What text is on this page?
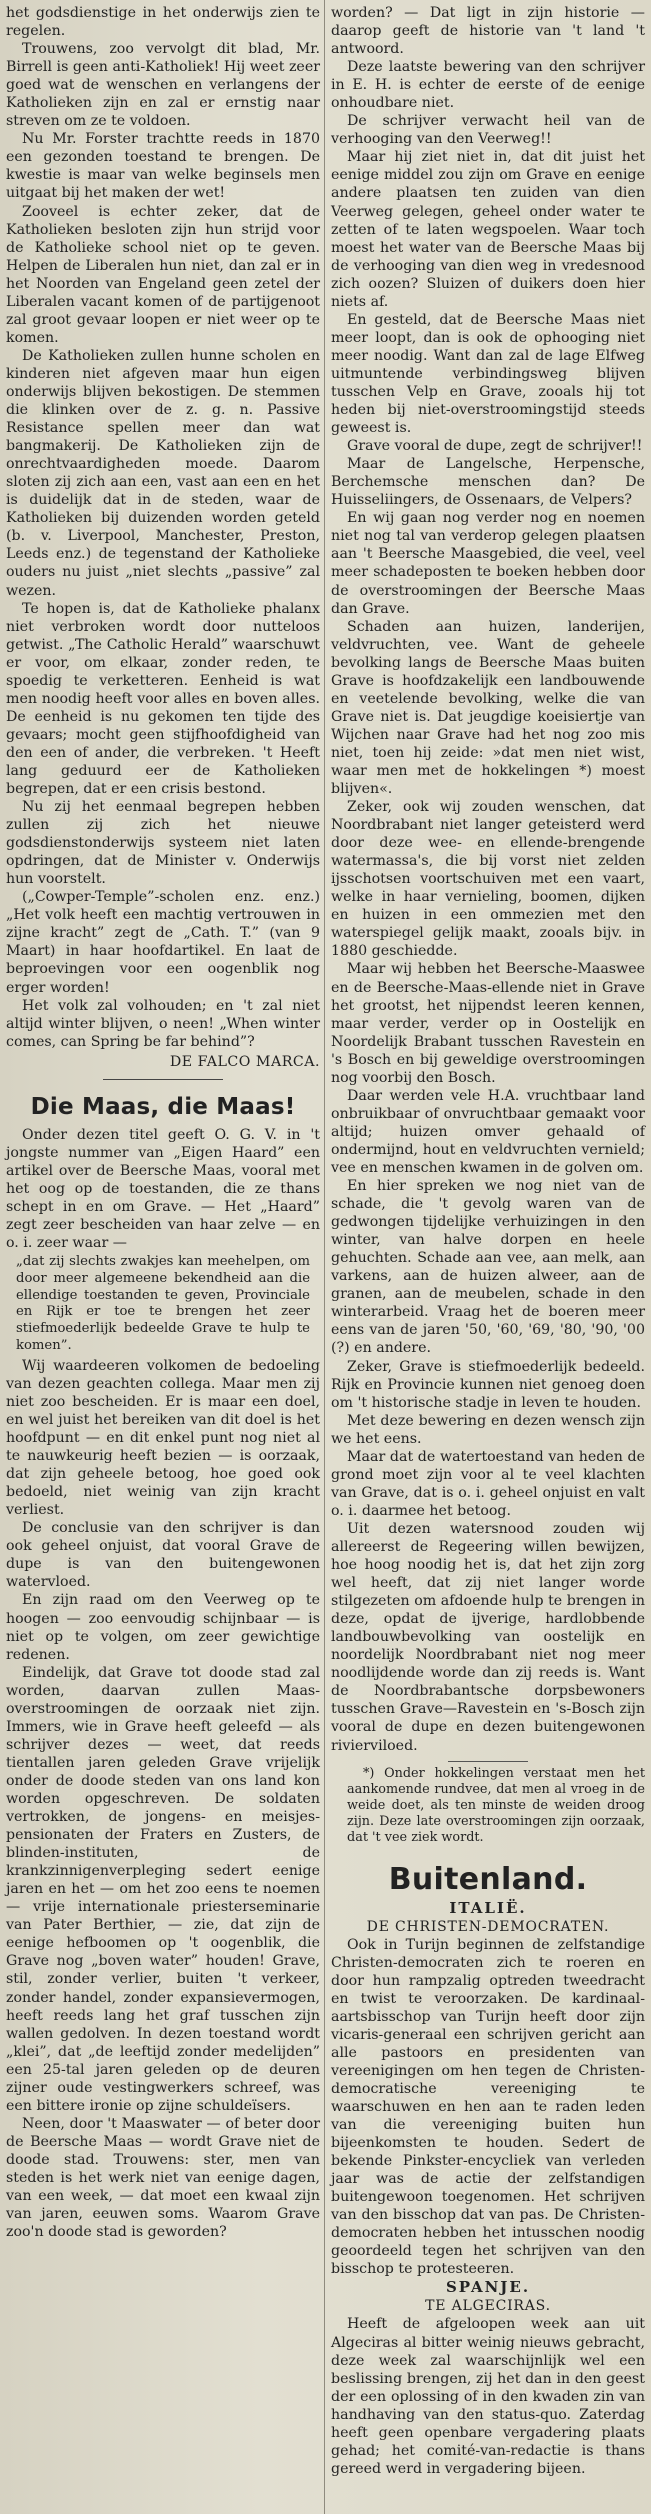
het godsdienstige in het onderwijs zien te regelen.

Trouwens, zoo vervolgt dit blad, Mr. Birrell is geen anti-Katholiek! Hij weet zeer goed wat de wenschen en verlangens der Katholieken zijn en zal er ernstig naar streven om ze te voldoen.

Nu Mr. Forster trachtte reeds in 1870 een gezonden toestand te brengen. De kwestie is maar van welke beginsels men uitgaat bij het maken der wet!

Zooveel is echter zeker, dat de Katholieken besloten zijn hun strijd voor de Katholieke school niet op te geven. Helpen de Liberalen hun niet, dan zal er in het Noorden van Engeland geen zetel der Liberalen vacant komen of de partijgenoot zal groot gevaar loopen er niet weer op te komen.

De Katholieken zullen hunne scholen en kinderen niet afgeven maar hun eigen onderwijs blijven bekostigen. De stemmen die klinken over de z. g. n. Passive Resistance spellen meer dan wat bangmakerij. De Katholieken zijn de onrechtvaardigheden moede. Daarom sloten zij zich aan een, vast aan een en het is duidelijk dat in de steden, waar de Katholieken bij duizenden worden geteld (b. v. Liverpool, Manchester, Preston, Leeds enz.) de tegenstand der Katholieke ouders nu juist „niet slechts „passive” zal wezen.

Te hopen is, dat de Katholieke phalanx niet verbroken wordt door nutteloos getwist. „The Catholic Herald” waarschuwt er voor, om elkaar, zonder reden, te spoedig te verketteren. Eenheid is wat men noodig heeft voor alles en boven alles. De eenheid is nu gekomen ten tijde des gevaars; mocht geen stijfhoofdigheid van den een of ander, die verbreken. 't Heeft lang geduurd eer de Katholieken begrepen, dat er een crisis bestond.

Nu zij het eenmaal begrepen hebben zullen zij zich het nieuwe godsdienstonderwijs systeem niet laten opdringen, dat de Minister v. Onderwijs hun voorstelt.

(„Cowper-Temple”-scholen enz. enz.) „Het volk heeft een machtig vertrouwen in zijne kracht” zegt de „Cath. T.” (van 9 Maart) in haar hoofdartikel. En laat de beproevingen voor een oogenblik nog erger worden!

Het volk zal volhouden; en 't zal niet altijd winter blijven, o neen! „When winter comes, can Spring be far behind”?

DE FALCO MARCA.
Die Maas, die Maas!

Onder dezen titel geeft O. G. V. in 't jongste nummer van „Eigen Haard” een artikel over de Beersche Maas, vooral met het oog op de toestanden, die ze thans schept in en om Grave. — Het „Haard” zegt zeer bescheiden van haar zelve — en o. i. zeer waar —

„dat zij slechts zwakjes kan meehelpen, om door meer algemeene bekendheid aan die ellendige toestanden te geven, Provinciale en Rijk er toe te brengen het zeer stiefmoederlijk bedeelde Grave te hulp te komen”.

Wij waardeeren volkomen de bedoeling van dezen geachten collega. Maar men zij niet zoo bescheiden. Er is maar een doel, en wel juist het bereiken van dit doel is het hoofdpunt — en dit enkel punt nog niet al te nauwkeurig heeft bezien — is oorzaak, dat zijn geheele betoog, hoe goed ook bedoeld, niet weinig van zijn kracht verliest.

De conclusie van den schrijver is dan ook geheel onjuist, dat vooral Grave de dupe is van den buitengewonen watervloed.

En zijn raad om den Veerweg op te hoogen — zoo eenvoudig schijnbaar — is niet op te volgen, om zeer gewichtige redenen.

Eindelijk, dat Grave tot doode stad zal worden, daarvan zullen Maas-overstroomingen de oorzaak niet zijn. Immers, wie in Grave heeft geleefd — als schrijver dezes — weet, dat reeds tientallen jaren geleden Grave vrijelijk onder de doode steden van ons land kon worden opgeschreven. De soldaten vertrokken, de jongens- en meisjes-pensionaten der Fraters en Zusters, de blinden-instituten, de krankzinnigenverpleging sedert eenige jaren en het — om het zoo eens te noemen — vrije internationale priesterseminarie van Pater Berthier, — zie, dat zijn de eenige hefboomen op 't oogenblik, die Grave nog „boven water” houden! Grave, stil, zonder verlier, buiten 't verkeer, zonder handel, zonder expansievermogen, heeft reeds lang het graf tusschen zijn wallen gedolven. In dezen toestand wordt „klei”, dat „de leeftijd zonder medelijden” een 25-tal jaren geleden op de deuren zijner oude vestingwerkers schreef, was een bittere ironie op zijne schuldeïsers.

Neen, door 't Maaswater — of beter door de Beersche Maas — wordt Grave niet de doode stad. Trouwens: ster, men van steden is het werk niet van eenige dagen, van een week, — dat moet een kwaal zijn van jaren, eeuwen soms. Waarom Grave zoo'n doode stad is geworden?

worden? — Dat ligt in zijn historie — daarop geeft de historie van 't land 't antwoord.

Deze laatste bewering van den schrijver in E. H. is echter de eerste of de eenige onhoudbare niet.

De schrijver verwacht heil van de verhooging van den Veerweg!!

Maar hij ziet niet in, dat dit juist het eenige middel zou zijn om Grave en eenige andere plaatsen ten zuiden van dien Veerweg gelegen, geheel onder water te zetten of te laten wegspoelen. Waar toch moest het water van de Beersche Maas bij de verhooging van dien weg in vredesnood zich oozen? Sluizen of duikers doen hier niets af.

En gesteld, dat de Beersche Maas niet meer loopt, dan is ook de ophooging niet meer noodig. Want dan zal de lage Elfweg uitmuntende verbindingsweg blijven tusschen Velp en Grave, zooals hij tot heden bij niet-overstroomingstijd steeds geweest is.

Grave vooral de dupe, zegt de schrijver!!

Maar de Langelsche, Herpensche, Berchemsche menschen dan? De Huisseliingers, de Ossenaars, de Velpers?

En wij gaan nog verder nog en noemen niet nog tal van verderop gelegen plaatsen aan 't Beersche Maasgebied, die veel, veel meer schadeposten te boeken hebben door de overstroomingen der Beersche Maas dan Grave.

Schaden aan huizen, landerijen, veldvruchten, vee. Want de geheele bevolking langs de Beersche Maas buiten Grave is hoofdzakelijk een landbouwende en veetelende bevolking, welke die van Grave niet is. Dat jeugdige koeisiertje van Wijchen naar Grave had het nog zoo mis niet, toen hij zeide: »dat men niet wist, waar men met de hokkelingen *) moest blijven«.

Zeker, ook wij zouden wenschen, dat Noordbrabant niet langer geteisterd werd door deze wee- en ellende-brengende watermassa's, die bij vorst niet zelden ijsschotsen voortschuiven met een vaart, welke in haar vernieling, boomen, dijken en huizen in een ommezien met den waterspiegel gelijk maakt, zooals bijv. in 1880 geschiedde.

Maar wij hebben het Beersche-Maaswee en de Beersche-Maas-ellende niet in Grave het grootst, het nijpendst leeren kennen, maar verder, verder op in Oostelijk en Noordelijk Brabant tusschen Ravestein en 's Bosch en bij geweldige overstroomingen nog voorbij den Bosch.

Daar werden vele H.A. vruchtbaar land onbruikbaar of onvruchtbaar gemaakt voor altijd; huizen omver gehaald of ondermijnd, hout en veldvruchten vernield; vee en menschen kwamen in de golven om.

En hier spreken we nog niet van de schade, die 't gevolg waren van de gedwongen tijdelijke verhuizingen in den winter, van halve dorpen en heele gehuchten. Schade aan vee, aan melk, aan varkens, aan de huizen alweer, aan de granen, aan de meubelen, schade in den winterarbeid. Vraag het de boeren meer eens van de jaren '50, '60, '69, '80, '90, '00 (?) en andere.

Zeker, Grave is stiefmoederlijk bedeeld. Rijk en Provincie kunnen niet genoeg doen om 't historische stadje in leven te houden.

Met deze bewering en dezen wensch zijn we het eens.

Maar dat de watertoestand van heden de grond moet zijn voor al te veel klachten van Grave, dat is o. i. geheel onjuist en valt o. i. daarmee het betoog.

Uit dezen watersnood zouden wij allereerst de Regeering willen bewijzen, hoe hoog noodig het is, dat het zijn zorg wel heeft, dat zij niet langer worde stilgezeten om afdoende hulp te brengen in deze, opdat de ijverige, hardlobbende landbouwbevolking van oostelijk en noordelijk Noordbrabant niet nog meer noodlijdende worde dan zij reeds is. Want de Noordbrabantsche dorpsbewoners tusschen Grave—Ravestein en 's-Bosch zijn vooral de dupe en dezen buitengewonen rivierviloed.

*) Onder hokkelingen verstaat men het aankomende rundvee, dat men al vroeg in de weide doet, als ten minste de weiden droog zijn. Deze late overstroomingen zijn oorzaak, dat 't vee ziek wordt.

Buitenland.
ITALIË.
DE CHRISTEN-DEMOCRATEN.

Ook in Turijn beginnen de zelfstandige Christen-democraten zich te roeren en door hun rampzalig optreden tweedracht en twist te veroorzaken. De kardinaal-aartsbisschop van Turijn heeft door zijn vicaris-generaal een schrijven gericht aan alle pastoors en presidenten van vereenigingen om hen tegen de Christen-democratische vereeniging te waarschuwen en hen aan te raden leden van die vereeniging buiten hun bijeenkomsten te houden. Sedert de bekende Pinkster-encycliek van verleden jaar was de actie der zelfstandigen buitengewoon toegenomen. Het schrijven van den bisschop dat van pas. De Christen-democraten hebben het intusschen noodig geoordeeld tegen het schrijven van den bisschop te protesteeren.

SPANJE.
TE ALGECIRAS.

Heeft de afgeloopen week aan uit Algeciras al bitter weinig nieuws gebracht, deze week zal waarschijnlijk wel een beslissing brengen, zij het dan in den geest der een oplossing of in den kwaden zin van handhaving van den status-quo. Zaterdag heeft geen openbare vergadering plaats gehad; het comité-van-redactie is thans gereed werd in vergadering bijeen.
